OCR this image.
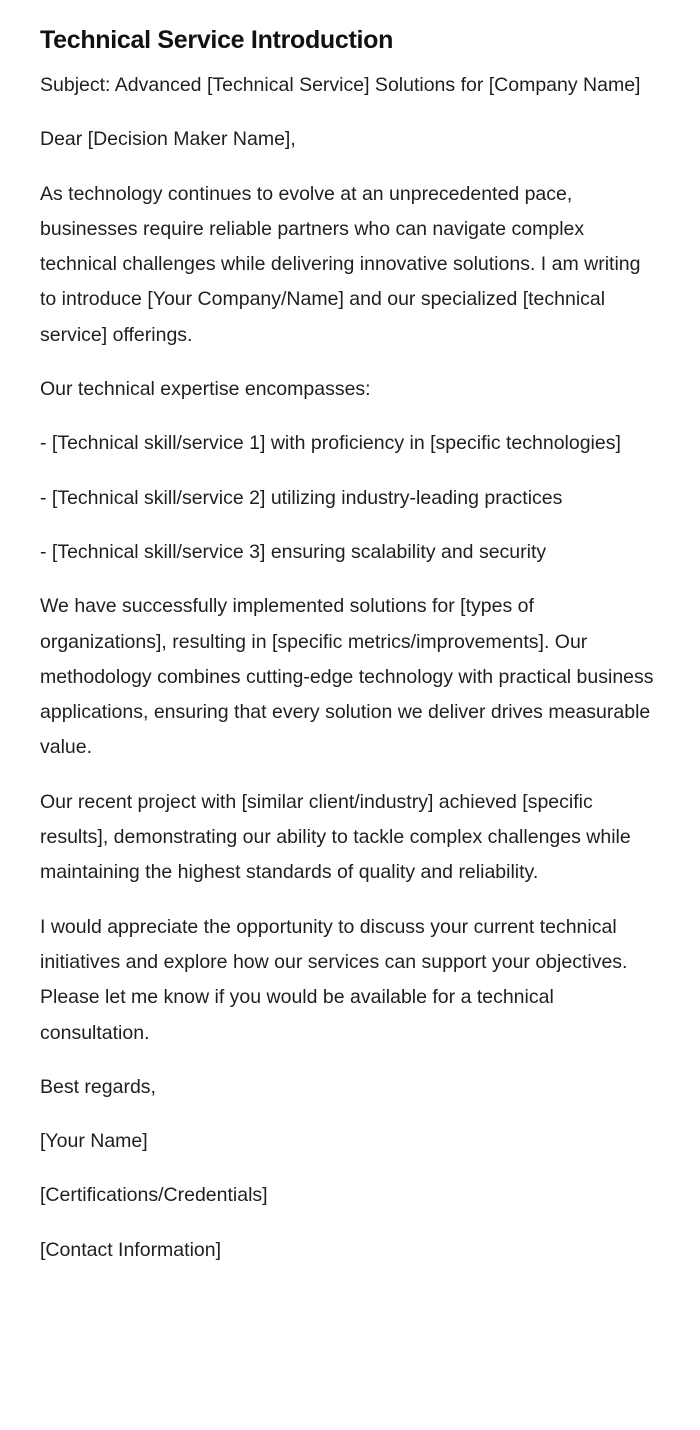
Technical Service Introduction

Subject: Advanced [Technical Service] Solutions for [Company Name]

Dear [Decision Maker Name],

As technology continues to evolve at an unprecedented pace, businesses require reliable partners who can navigate complex technical challenges while delivering innovative solutions. I am writing to introduce [Your Company/Name] and our specialized [technical service] offerings.

Our technical expertise encompasses:

- [Technical skill/service 1] with proficiency in [specific technologies]

- [Technical skill/service 2] utilizing industry-leading practices

- [Technical skill/service 3] ensuring scalability and security

We have successfully implemented solutions for [types of organizations], resulting in [specific metrics/improvements]. Our methodology combines cutting-edge technology with practical business applications, ensuring that every solution we deliver drives measurable value.

Our recent project with [similar client/industry] achieved [specific results], demonstrating our ability to tackle complex challenges while maintaining the highest standards of quality and reliability.

I would appreciate the opportunity to discuss your current technical initiatives and explore how our services can support your objectives. Please let me know if you would be available for a technical consultation.

Best regards,

[Your Name]

[Certifications/Credentials]

[Contact Information]
